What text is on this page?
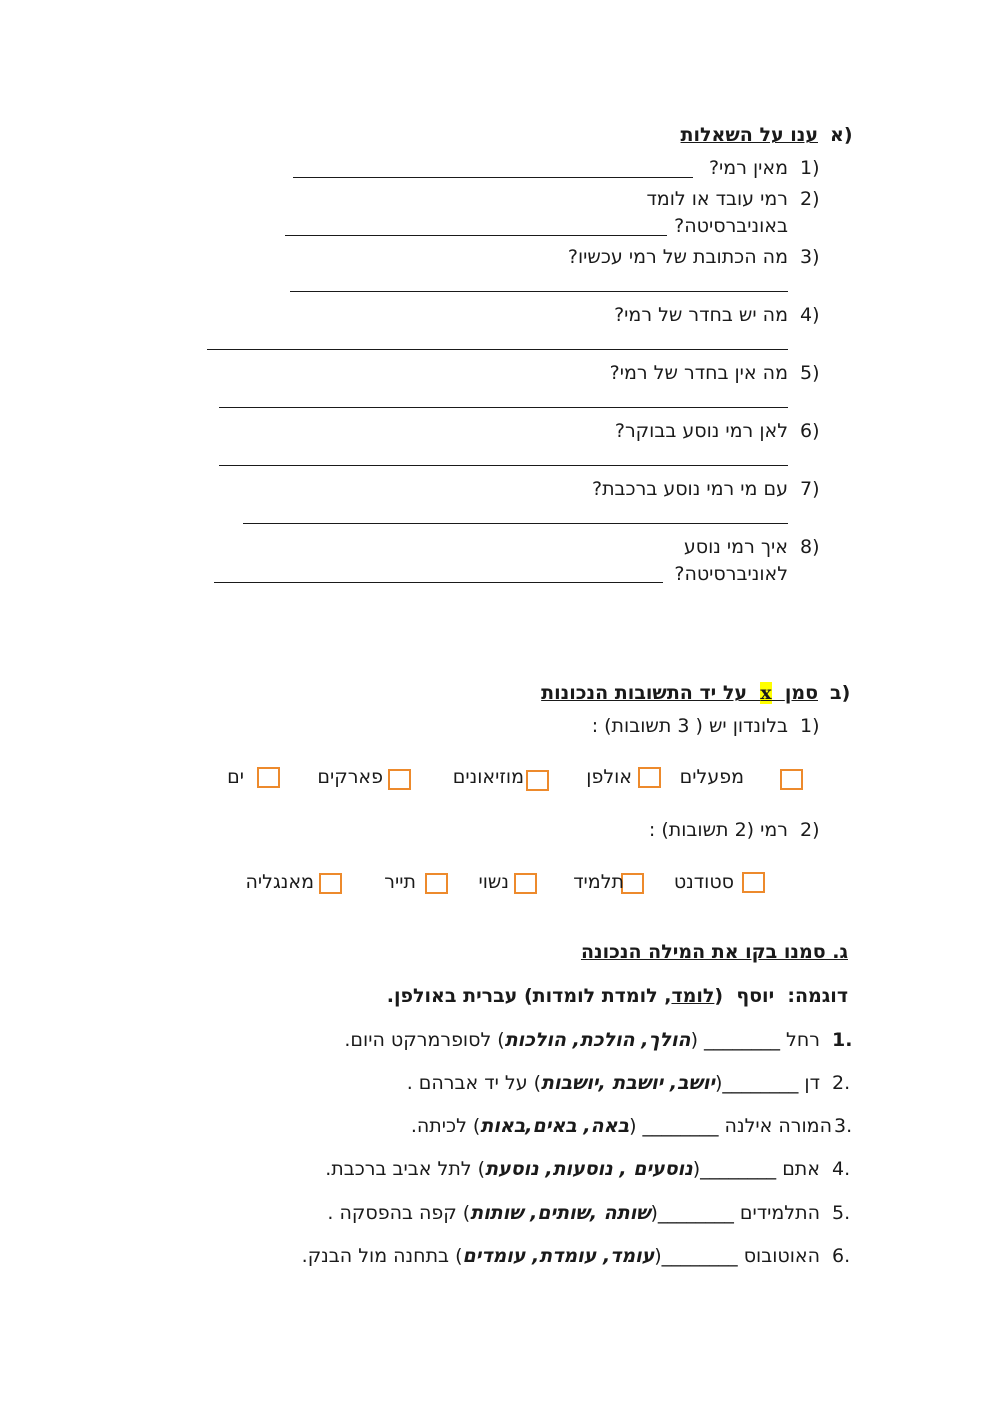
א)
ענו על השאלות
1)
מאין רמי?
2)
רמי עובד או לומד
באוניברסיטה?
3)
מה הכתובת של רמי עכשיו?
4)
מה יש בחדר של רמי?
5)
מה אין בחדר של רמי?
6)
לאן רמי נוסע בבוקר?
7)
עם מי רמי נוסע ברכבת?
8)
איך רמי נוסע
לאוניברסיטה?
ב)
סמן  x  על יד התשובות הנכונות
1)
בלונדון יש ( 3 תשובות) :
מפעלים
אולפן
מוזיאונים
פארקים
ים
2)
רמי (2 תשובות) :
סטודנט
תלמיד
נשוי
תייר
מאנגליה
ג. סמנו בקו את המילה הנכונה
דוגמה:  יוסף  (לומד, לומדת לומדות) עברית באולפן.
1.
רחל ________ (הולך, הולכת, הולכות) לסופרמרקט היום.
2.
דן ________(יושב, יושבת ,יושבות) על יד אברהם .
3.
המורה אילנה ________ (באה, באים,באות) לכיתה.
4.
אתם ________(נוסעים , נוסעות, נוסעת) לתל אביב ברכבת.
5.
התלמידים ________(שותה ,שותים, שותות) קפה בהפסקה .
6.
האוטובוס ________(עומד, עומדת, עומדים) בתחנה מול הבנק.
